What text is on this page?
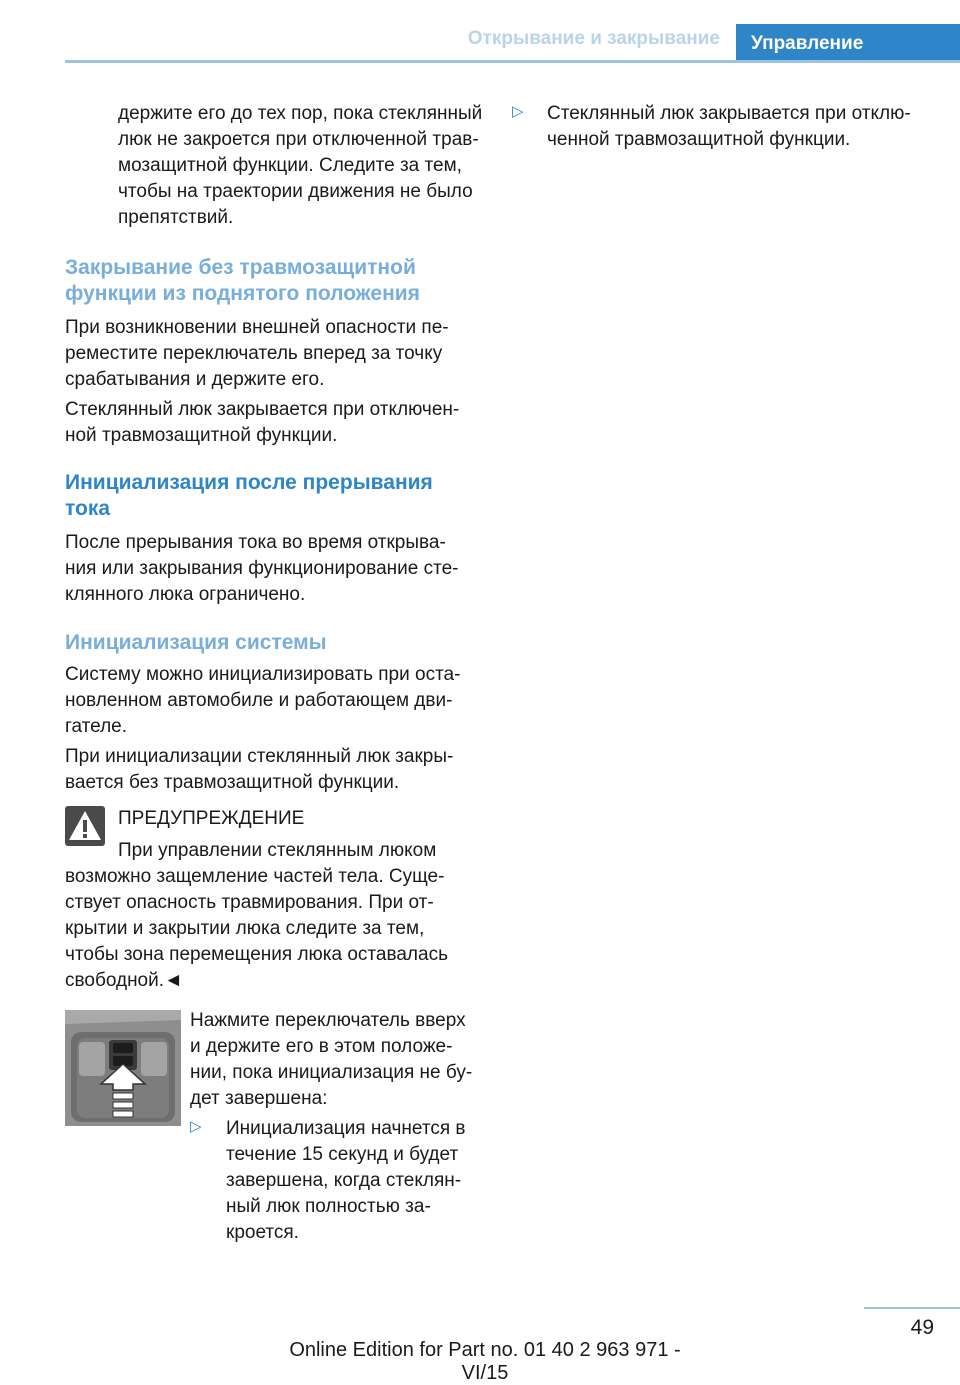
Открывание и закрывание	Управление

держите его до тех пор, пока стеклянный

люк не закроется при отключенной трав-

мозащитной функции. Следите за тем,

чтобы на траектории движения не было

препятствий.

Закрывание без травмозащитной

функции из поднятого положения

При возникновении внешней опасности пе-

реместите переключатель вперед за точку

срабатывания и держите его.

Стеклянный люк закрывается при отключен-

ной травмозащитной функции.

Инициализация после прерывания

тока

После прерывания тока во время открыва-

ния или закрывания функционирование сте-

клянного люка ограничено.

Инициализация системы

Систему можно инициализировать при оста-

новленном автомобиле и работающем дви-

гателе.

При инициализации стеклянный люк закры-

вается без травмозащитной функции.

ПРЕДУПРЕЖДЕНИЕ

При управлении стеклянным люком

возможно защемление частей тела. Суще-

ствует опасность травмирования. При от-

крытии и закрытии люка следите за тем,

чтобы зона перемещения люка оставалась

свободной.◄

Нажмите переключатель вверх

и держите его в этом положе-

нии, пока инициализация не бу-

дет завершена:

▷ Инициализация начнется в

течение 15 секунд и будет

завершена, когда стеклян-

ный люк полностью за-

кроется.

▷ Стеклянный люк закрывается при отклю-

ченной травмозащитной функции.

49
Online Edition for Part no. 01 40 2 963 971 - VI/15
